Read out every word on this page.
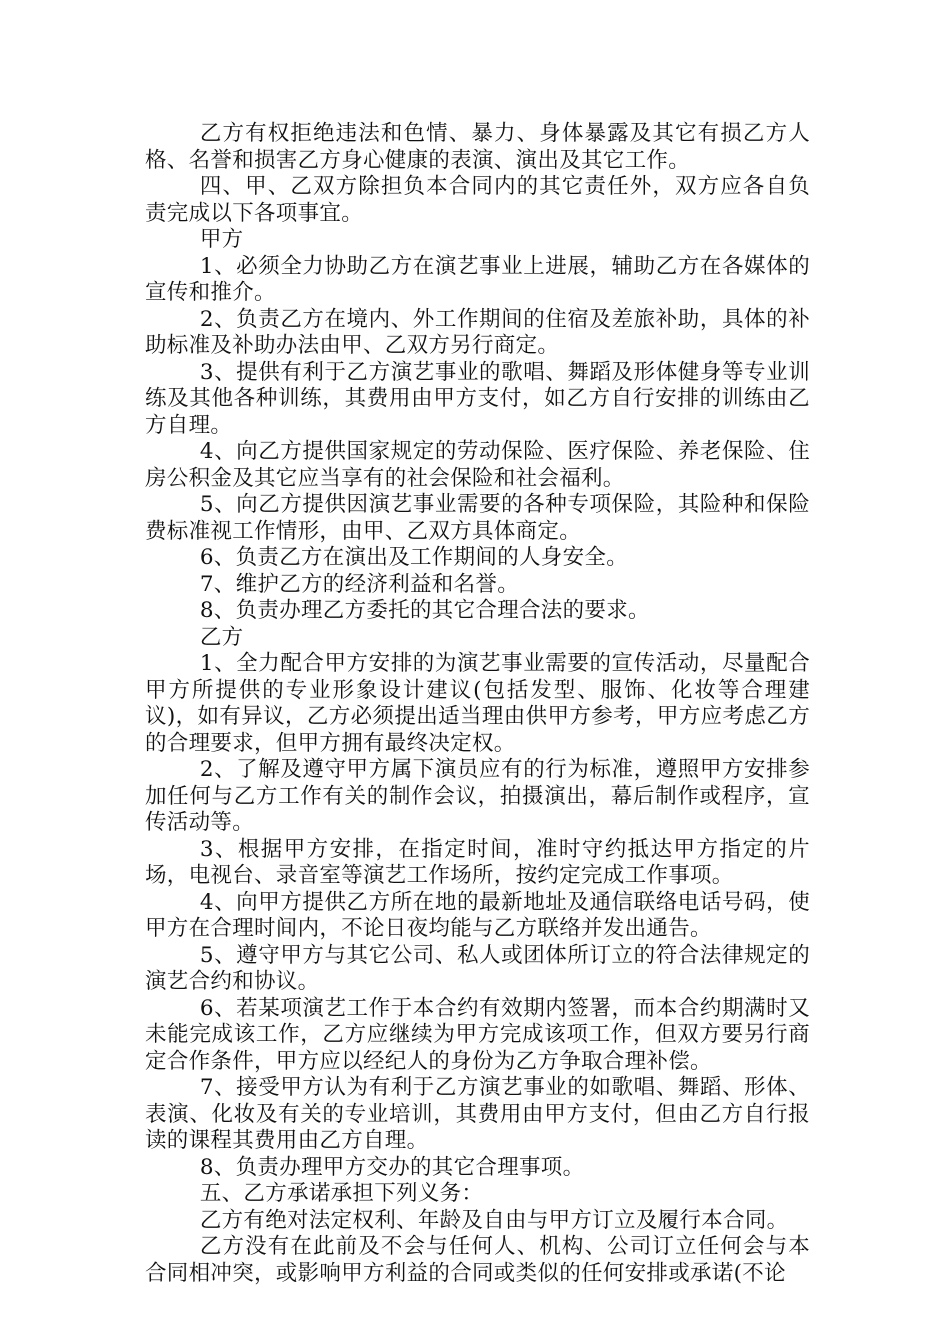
乙方有权拒绝违法和色情、暴力、身体暴露及其它有损乙方人格、名誉和损害乙方身心健康的表演、演出及其它工作。

四、甲、乙双方除担负本合同内的其它责任外，双方应各自负责完成以下各项事宜。

甲方

1、必须全力协助乙方在演艺事业上进展，辅助乙方在各媒体的宣传和推介。

2、负责乙方在境内、外工作期间的住宿及差旅补助，具体的补助标准及补助办法由甲、乙双方另行商定。

3、提供有利于乙方演艺事业的歌唱、舞蹈及形体健身等专业训练及其他各种训练，其费用由甲方支付，如乙方自行安排的训练由乙方自理。

4、向乙方提供国家规定的劳动保险、医疗保险、养老保险、住房公积金及其它应当享有的社会保险和社会福利。

5、向乙方提供因演艺事业需要的各种专项保险，其险种和保险费标准视工作情形，由甲、乙双方具体商定。

6、负责乙方在演出及工作期间的人身安全。

7、维护乙方的经济利益和名誉。

8、负责办理乙方委托的其它合理合法的要求。

乙方

1、全力配合甲方安排的为演艺事业需要的宣传活动，尽量配合甲方所提供的专业形象设计建议(包括发型、服饰、化妆等合理建议)，如有异议，乙方必须提出适当理由供甲方参考，甲方应考虑乙方的合理要求，但甲方拥有最终决定权。

2、了解及遵守甲方属下演员应有的行为标准，遵照甲方安排参加任何与乙方工作有关的制作会议，拍摄演出，幕后制作或程序，宣传活动等。

3、根据甲方安排，在指定时间，准时守约抵达甲方指定的片场，电视台、录音室等演艺工作场所，按约定完成工作事项。

4、向甲方提供乙方所在地的最新地址及通信联络电话号码，使甲方在合理时间内，不论日夜均能与乙方联络并发出通告。

5、遵守甲方与其它公司、私人或团体所订立的符合法律规定的演艺合约和协议。

6、若某项演艺工作于本合约有效期内签署，而本合约期满时又未能完成该工作，乙方应继续为甲方完成该项工作，但双方要另行商定合作条件，甲方应以经纪人的身份为乙方争取合理补偿。

7、接受甲方认为有利于乙方演艺事业的如歌唱、舞蹈、形体、表演、化妆及有关的专业培训，其费用由甲方支付，但由乙方自行报读的课程其费用由乙方自理。

8、负责办理甲方交办的其它合理事项。

五、乙方承诺承担下列义务：

乙方有绝对法定权利、年龄及自由与甲方订立及履行本合同。

乙方没有在此前及不会与任何人、机构、公司订立任何会与本合同相冲突，或影响甲方利益的合同或类似的任何安排或承诺(不论
